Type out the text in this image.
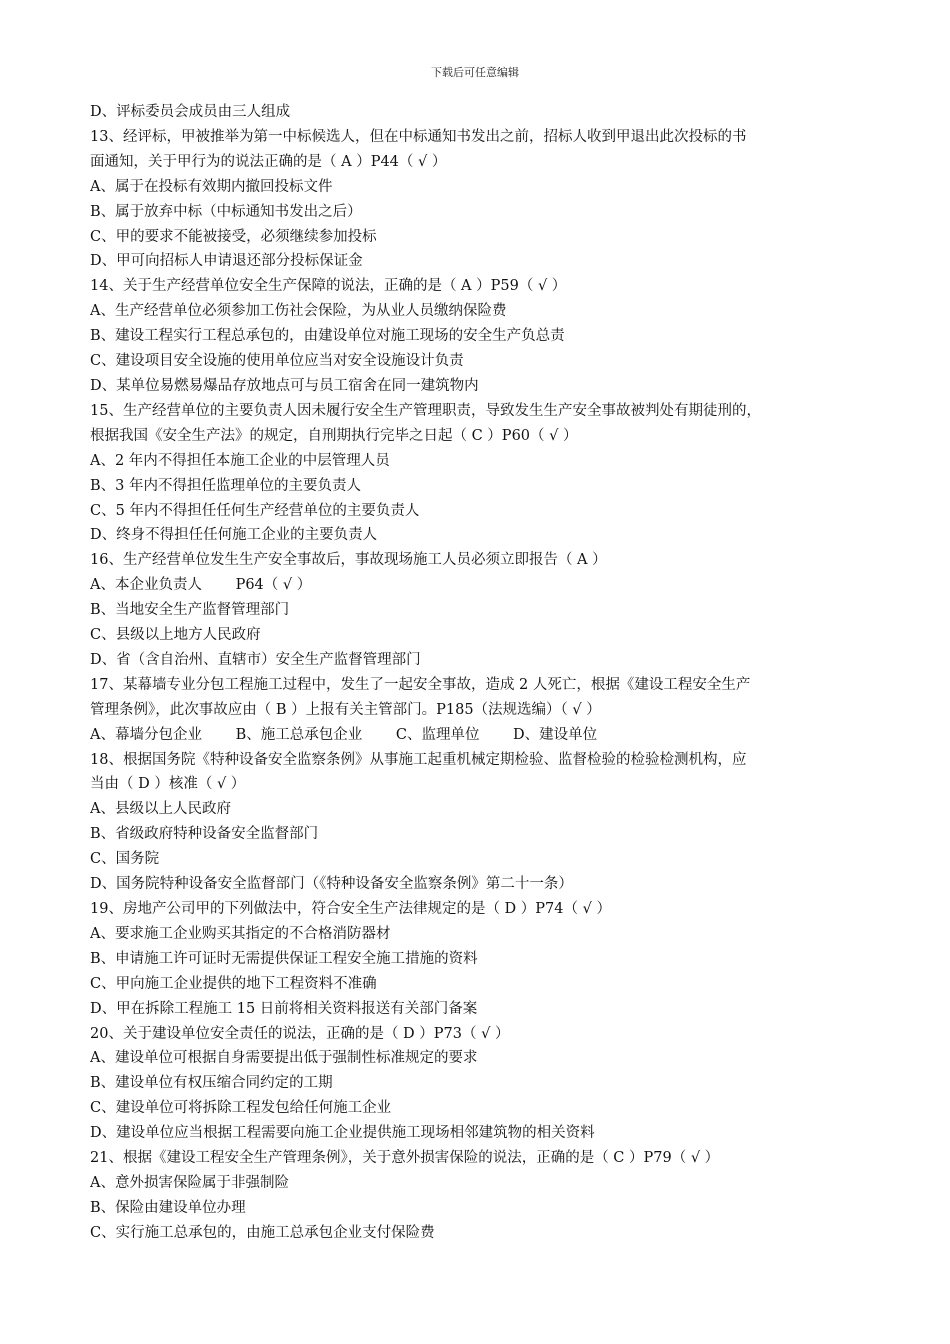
下载后可任意编辑
D、评标委员会成员由三人组成
13、经评标，甲被推举为第一中标候选人，但在中标通知书发出之前，招标人收到甲退出此次投标的书
面通知，关于甲行为的说法正确的是（ A ）P44（ √ ）
A、属于在投标有效期内撤回投标文件
B、属于放弃中标（中标通知书发出之后）
C、甲的要求不能被接受，必须继续参加投标
D、甲可向招标人申请退还部分投标保证金
14、关于生产经营单位安全生产保障的说法，正确的是（ A ）P59（ √ ）
A、生产经营单位必须参加工伤社会保险，为从业人员缴纳保险费
B、建设工程实行工程总承包的，由建设单位对施工现场的安全生产负总责
C、建设项目安全设施的使用单位应当对安全设施设计负责
D、某单位易燃易爆品存放地点可与员工宿舍在同一建筑物内
15、生产经营单位的主要负责人因未履行安全生产管理职责，导致发生生产安全事故被判处有期徒刑的，
根据我国《安全生产法》的规定，自刑期执行完毕之日起（ C ）P60（ √ ）
A、2 年内不得担任本施工企业的中层管理人员
B、3 年内不得担任监理单位的主要负责人
C、5 年内不得担任任何生产经营单位的主要负责人
D、终身不得担任任何施工企业的主要负责人
16、生产经营单位发生生产安全事故后，事故现场施工人员必须立即报告（ A ）
A、本企业负责人　　 P64（ √ ）
B、当地安全生产监督管理部门
C、县级以上地方人民政府
D、省（含自治州、直辖市）安全生产监督管理部门
17、某幕墙专业分包工程施工过程中，发生了一起安全事故，造成 2 人死亡，根据《建设工程安全生产
管理条例》，此次事故应由（ B ）上报有关主管部门。P185（法规选编）（ √ ）
A、幕墙分包企业　　 B、施工总承包企业　　 C、监理单位　　 D、建设单位
18、根据国务院《特种设备安全监察条例》从事施工起重机械定期检验、监督检验的检验检测机构，应
当由（ D ）核准（ √ ）
A、县级以上人民政府
B、省级政府特种设备安全监督部门
C、国务院
D、国务院特种设备安全监督部门（《特种设备安全监察条例》第二十一条）
19、房地产公司甲的下列做法中，符合安全生产法律规定的是（ D ）P74（ √ ）
A、要求施工企业购买其指定的不合格消防器材
B、申请施工许可证时无需提供保证工程安全施工措施的资料
C、甲向施工企业提供的地下工程资料不准确
D、甲在拆除工程施工 15 日前将相关资料报送有关部门备案
20、关于建设单位安全责任的说法，正确的是（ D ）P73（ √ ）
A、建设单位可根据自身需要提出低于强制性标准规定的要求
B、建设单位有权压缩合同约定的工期
C、建设单位可将拆除工程发包给任何施工企业
D、建设单位应当根据工程需要向施工企业提供施工现场相邻建筑物的相关资料
21、根据《建设工程安全生产管理条例》，关于意外损害保险的说法，正确的是（ C ）P79（ √ ）
A、意外损害保险属于非强制险
B、保险由建设单位办理
C、实行施工总承包的，由施工总承包企业支付保险费
